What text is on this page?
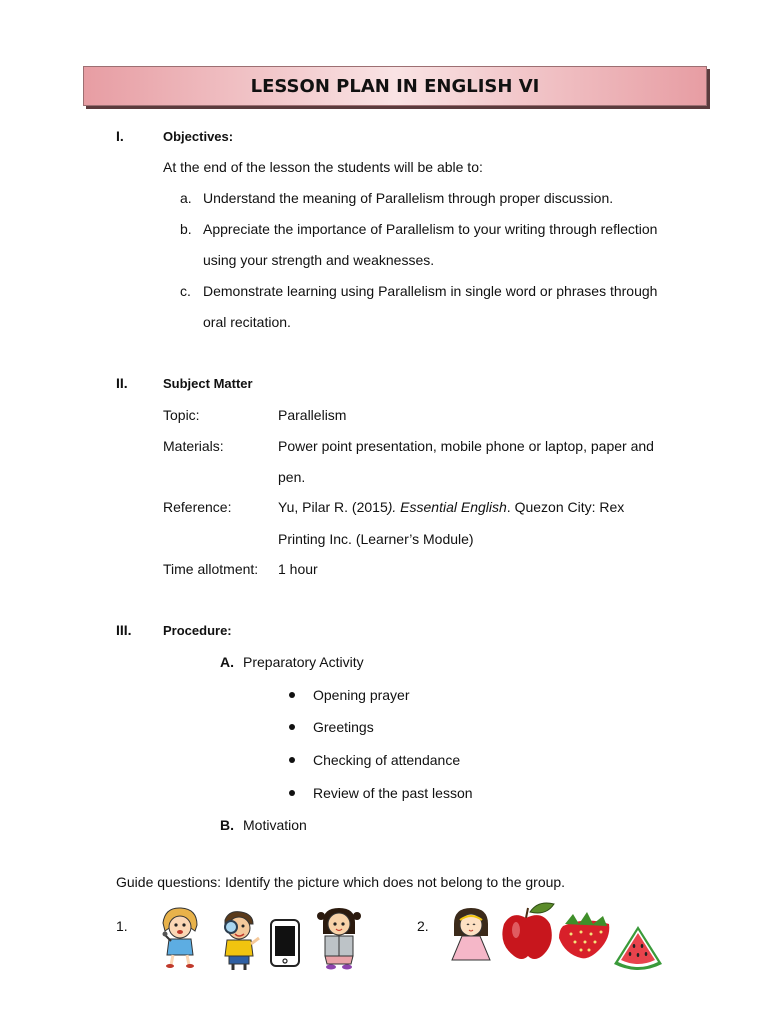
LESSON PLAN IN ENGLISH VI
I.	Objectives:
At the end of the lesson the students will be able to:
a. Understand the meaning of Parallelism through proper discussion.
b. Appreciate the importance of Parallelism to your writing through reflection
using your strength and weaknesses.
c. Demonstrate learning using Parallelism in single word or phrases through
oral recitation.
II.	Subject Matter
Topic:	Parallelism
Materials:	Power point presentation, mobile phone or laptop, paper and
pen.
Reference:	Yu, Pilar R. (2015). Essential English. Quezon City: Rex
Printing Inc. (Learner’s Module)
Time allotment: 1 hour
III. Procedure:
A. Preparatory Activity
Opening prayer
Greetings
Checking of attendance
Review of the past lesson
B. Motivation
Guide questions: Identify the picture which does not belong to the group.
1.	2.
